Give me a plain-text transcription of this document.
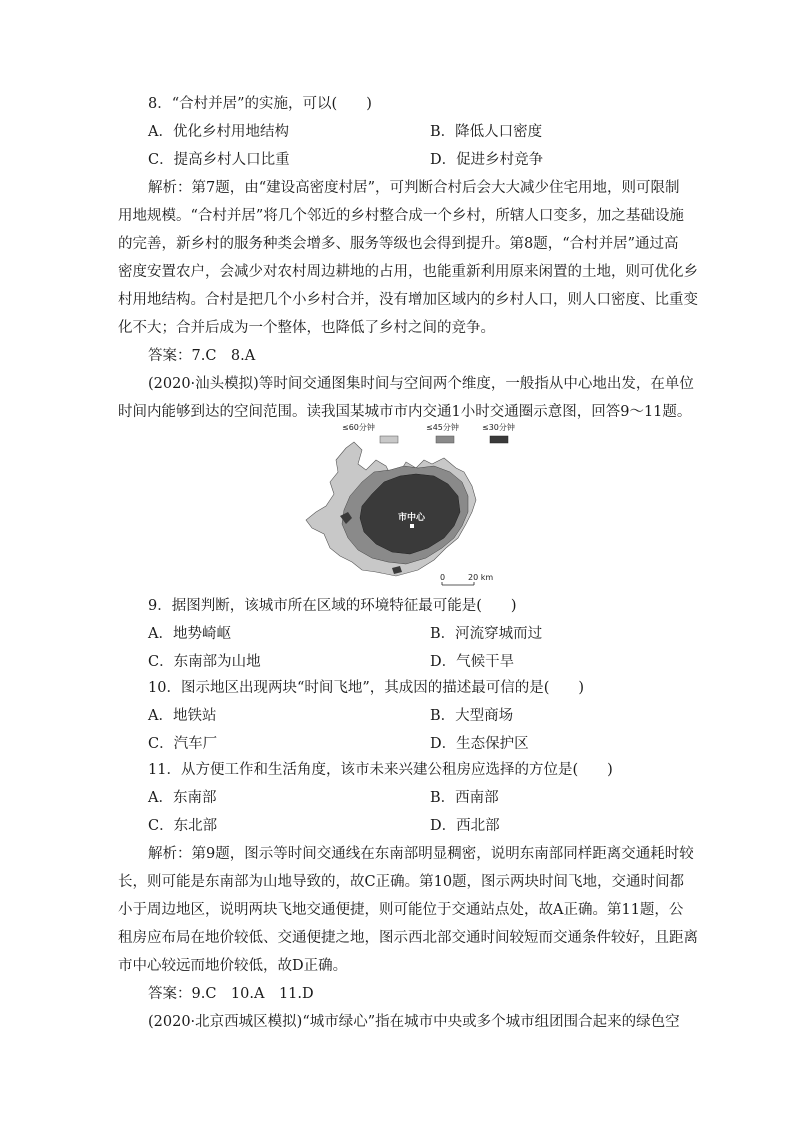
8．“合村并居”的实施，可以(　　)
A．优化乡村用地结构	B．降低人口密度
C．提高乡村人口比重	D．促进乡村竞争
解析：第7题，由“建设高密度村居”，可判断合村后会大大减少住宅用地，则可限制
用地规模。“合村并居”将几个邻近的乡村整合成一个乡村，所辖人口变多，加之基础设施
的完善，新乡村的服务种类会增多、服务等级也会得到提升。第8题，“合村并居”通过高
密度安置农户，会减少对农村周边耕地的占用，也能重新利用原来闲置的土地，则可优化乡
村用地结构。合村是把几个小乡村合并，没有增加区域内的乡村人口，则人口密度、比重变
化不大；合并后成为一个整体，也降低了乡村之间的竞争。
答案：7.C　8.A
(2020·汕头模拟)等时间交通图集时间与空间两个维度，一般指从中心地出发，在单位
时间内能够到达的空间范围。读我国某城市市内交通1小时交通圈示意图，回答9～11题。
≤60分钟	≤45分钟	≤30分钟
市中心
0	20 km
9．据图判断，该城市所在区域的环境特征最可能是(　　)
A．地势崎岖	B．河流穿城而过
C．东南部为山地	D．气候干旱
10．图示地区出现两块“时间飞地”，其成因的描述最可信的是(　　)
A．地铁站	B．大型商场
C．汽车厂	D．生态保护区
11．从方便工作和生活角度，该市未来兴建公租房应选择的方位是(　　)
A．东南部	B．西南部
C．东北部	D．西北部
解析：第9题，图示等时间交通线在东南部明显稠密，说明东南部同样距离交通耗时较
长，则可能是东南部为山地导致的，故C正确。第10题，图示两块时间飞地，交通时间都
小于周边地区，说明两块飞地交通便捷，则可能位于交通站点处，故A正确。第11题，公
租房应布局在地价较低、交通便捷之地，图示西北部交通时间较短而交通条件较好，且距离
市中心较远而地价较低，故D正确。
答案：9.C　10.A　11.D
(2020·北京西城区模拟)“城市绿心”指在城市中央或多个城市组团围合起来的绿色空
